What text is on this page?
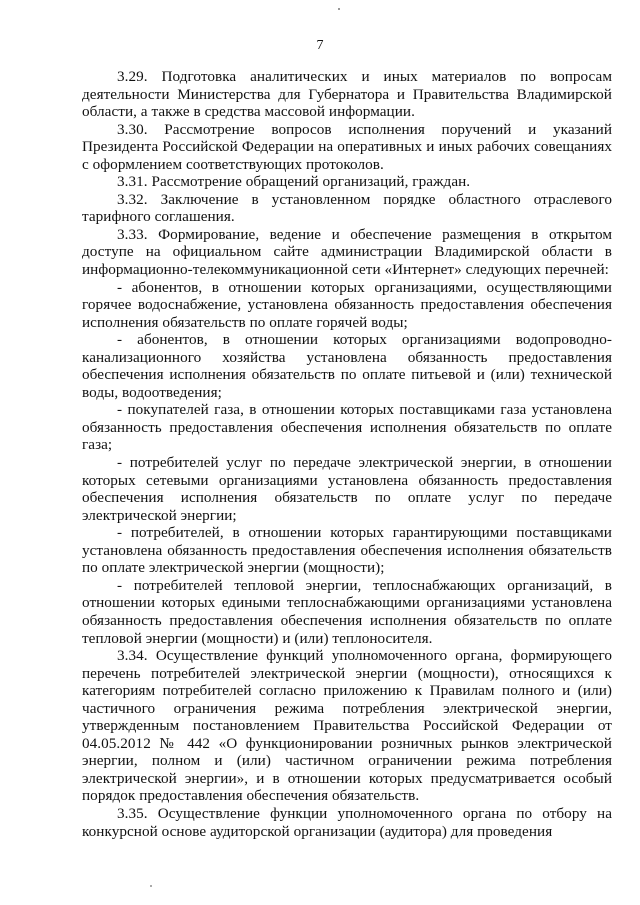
7

3.29. Подготовка аналитических и иных материалов по вопросам деятельности Министерства для Губернатора и Правительства Владимирской области, а также в средства массовой информации.

3.30. Рассмотрение вопросов исполнения поручений и указаний Президента Российской Федерации на оперативных и иных рабочих совещаниях с оформлением соответствующих протоколов.

3.31. Рассмотрение обращений организаций, граждан.

3.32. Заключение в установленном порядке областного отраслевого тарифного соглашения.

3.33. Формирование, ведение и обеспечение размещения в открытом доступе на официальном сайте администрации Владимирской области в информационно-телекоммуникационной сети «Интернет» следующих перечней:

- абонентов, в отношении которых организациями, осуществляющими горячее водоснабжение, установлена обязанность предоставления обеспечения исполнения обязательств по оплате горячей воды;

- абонентов, в отношении которых организациями водопроводно-канализационного хозяйства установлена обязанность предоставления обеспечения исполнения обязательств по оплате питьевой и (или) технической воды, водоотведения;

- покупателей газа, в отношении которых поставщиками газа установлена обязанность предоставления обеспечения исполнения обязательств по оплате газа;

- потребителей услуг по передаче электрической энергии, в отношении которых сетевыми организациями установлена обязанность предоставления обеспечения исполнения обязательств по оплате услуг по передаче электрической энергии;

- потребителей, в отношении которых гарантирующими поставщиками установлена обязанность предоставления обеспечения исполнения обязательств по оплате электрической энергии (мощности);

- потребителей тепловой энергии, теплоснабжающих организаций, в отношении которых едиными теплоснабжающими организациями установлена обязанность предоставления обеспечения исполнения обязательств по оплате тепловой энергии (мощности) и (или) теплоносителя.

3.34. Осуществление функций уполномоченного органа, формирующего перечень потребителей электрической энергии (мощности), относящихся к категориям потребителей согласно приложению к Правилам полного и (или) частичного ограничения режима потребления электрической энергии, утвержденным постановлением Правительства Российской Федерации от 04.05.2012 № 442 «О функционировании розничных рынков электрической энергии, полном и (или) частичном ограничении режима потребления электрической энергии», и в отношении которых предусматривается особый порядок предоставления обеспечения обязательств.

3.35. Осуществление функции уполномоченного органа по отбору на конкурсной основе аудиторской организации (аудитора) для проведения
